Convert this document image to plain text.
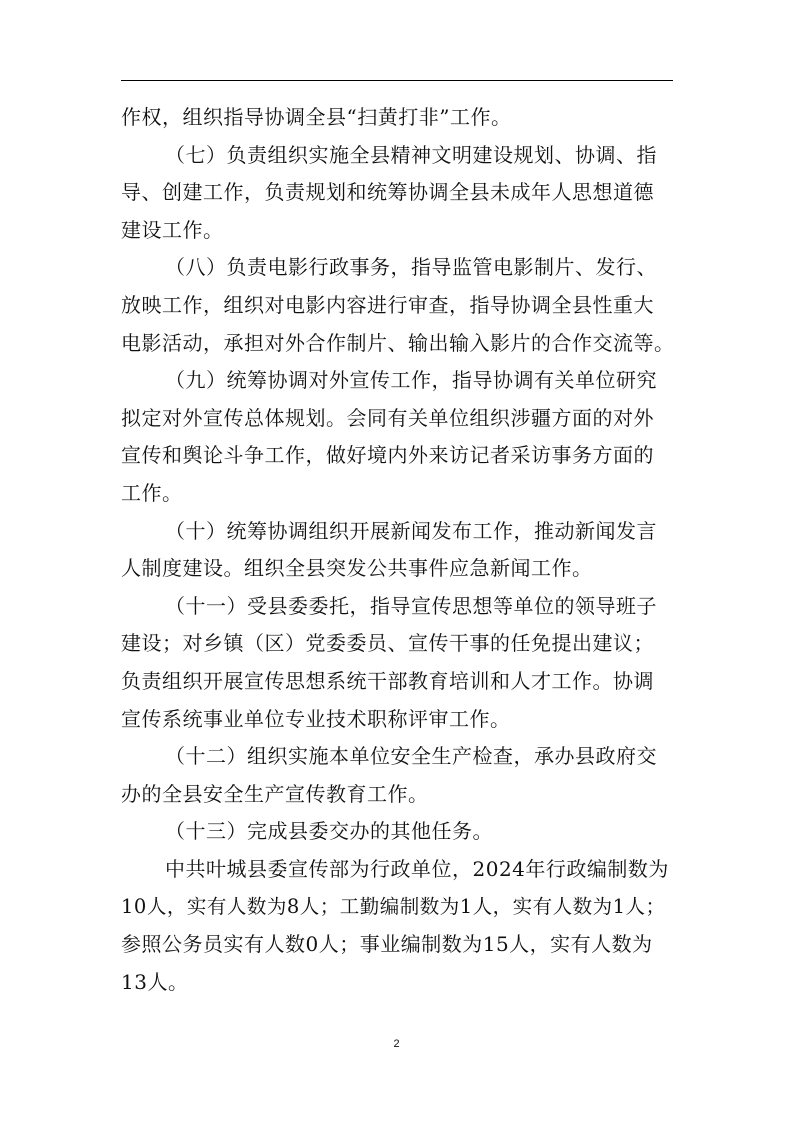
作权，组织指导协调全县“扫黄打非”工作。
（七）负责组织实施全县精神文明建设规划、协调、指
导、创建工作，负责规划和统筹协调全县未成年人思想道德
建设工作。
（八）负责电影行政事务，指导监管电影制片、发行、
放映工作，组织对电影内容进行审查，指导协调全县性重大
电影活动，承担对外合作制片、输出输入影片的合作交流等。
（九）统筹协调对外宣传工作，指导协调有关单位研究
拟定对外宣传总体规划。会同有关单位组织涉疆方面的对外
宣传和舆论斗争工作，做好境内外来访记者采访事务方面的
工作。
（十）统筹协调组织开展新闻发布工作，推动新闻发言
人制度建设。组织全县突发公共事件应急新闻工作。
（十一）受县委委托，指导宣传思想等单位的领导班子
建设；对乡镇（区）党委委员、宣传干事的任免提出建议；
负责组织开展宣传思想系统干部教育培训和人才工作。协调
宣传系统事业单位专业技术职称评审工作。
（十二）组织实施本单位安全生产检查，承办县政府交
办的全县安全生产宣传教育工作。
（十三）完成县委交办的其他任务。
中共叶城县委宣传部为行政单位，2024年行政编制数为
10人，实有人数为8人；工勤编制数为1人，实有人数为1人；
参照公务员实有人数0人；事业编制数为15人，实有人数为
13人。
2
